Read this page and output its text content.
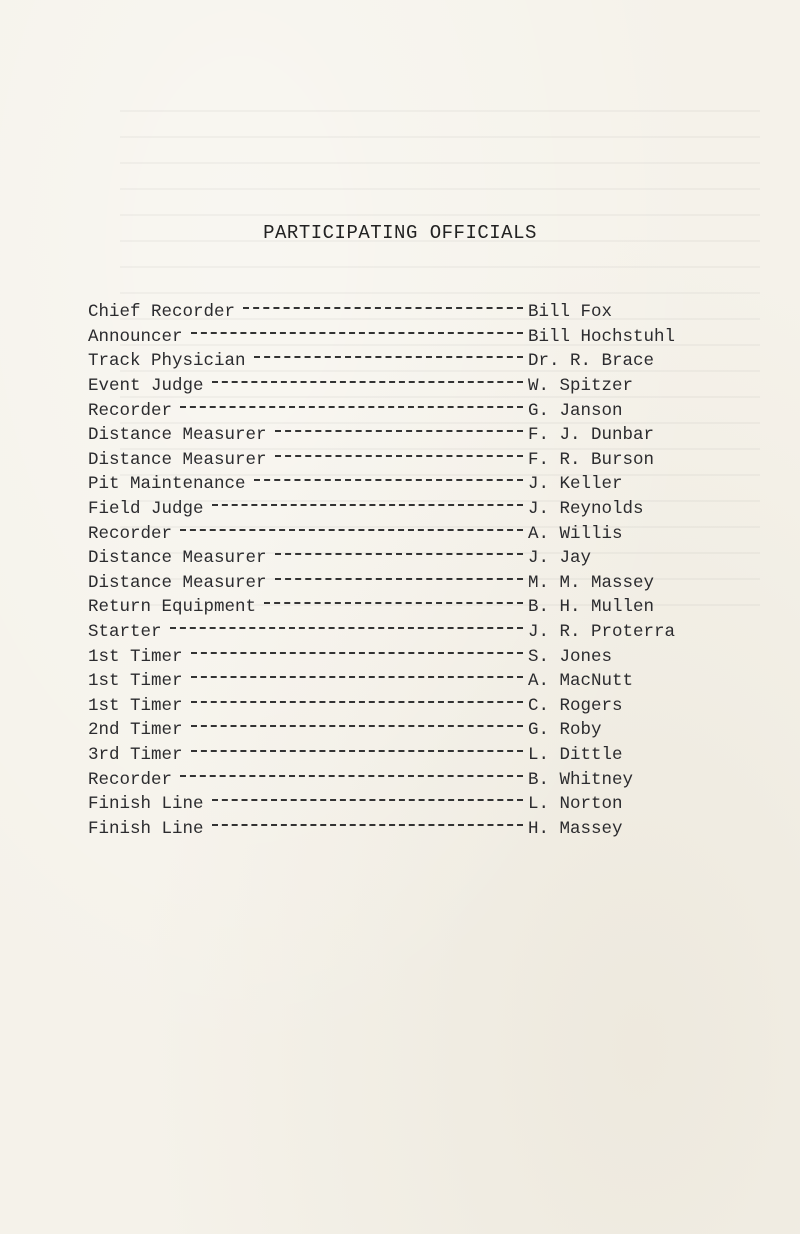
PARTICIPATING OFFICIALS
Chief Recorder	Bill Fox
Announcer	Bill Hochstuhl
Track Physician	Dr. R. Brace
Event Judge	W. Spitzer
Recorder	G. Janson
Distance Measurer	F. J. Dunbar
Distance Measurer	F. R. Burson
Pit Maintenance	J. Keller
Field Judge	J. Reynolds
Recorder	A. Willis
Distance Measurer	J. Jay
Distance Measurer	M. M. Massey
Return Equipment	B. H. Mullen
Starter	J. R. Proterra
1st Timer	S. Jones
1st Timer	A. MacNutt
1st Timer	C. Rogers
2nd Timer	G. Roby
3rd Timer	L. Dittle
Recorder	B. Whitney
Finish Line	L. Norton
Finish Line	H. Massey
